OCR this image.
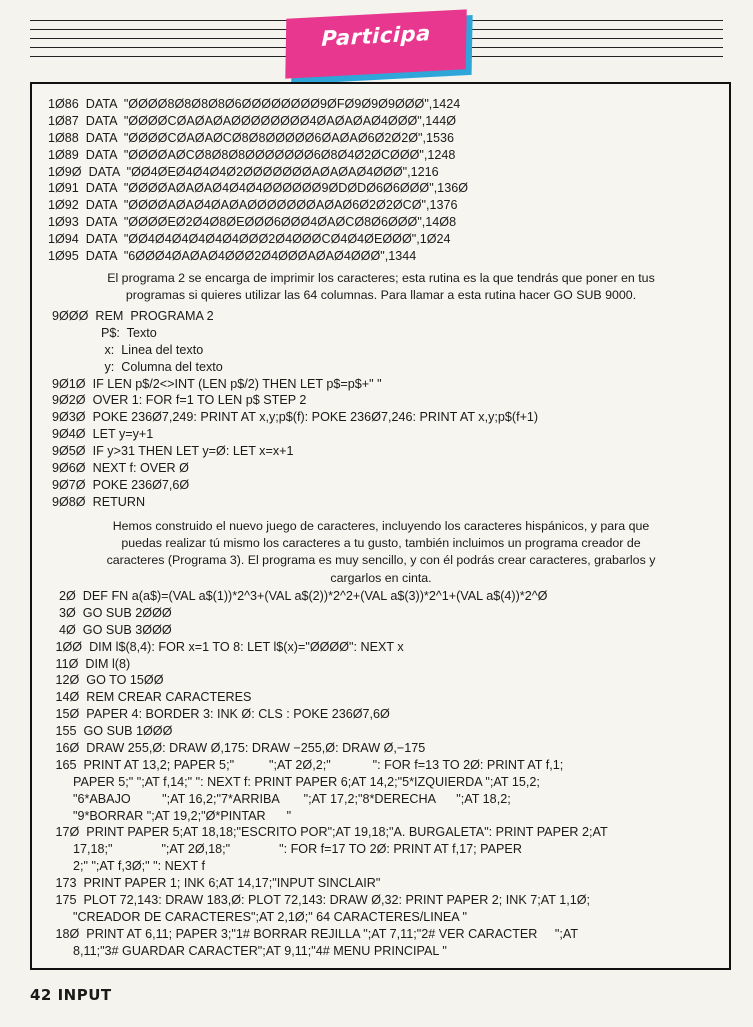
Participa
1Ø86  DATA  "ØØØØ8Ø8Ø8Ø8Ø6ØØØØØØØØ9ØFØ9Ø9Ø9ØØØ",1424
1Ø87  DATA  "ØØØØCØAØAØAØØØØØØØØ4ØAØAØAØ4ØØØ",144Ø
1Ø88  DATA  "ØØØØCØAØAØCØ8Ø8ØØØØØ6ØAØAØ6Ø2Ø2Ø",1536
1Ø89  DATA  "ØØØØAØCØ8Ø8Ø8ØØØØØØØ6Ø8Ø4Ø2ØCØØØ",1248
1Ø9Ø  DATA  "ØØ4ØEØ4Ø4Ø4Ø2ØØØØØØØAØAØAØ4ØØØ",1216
1Ø91  DATA  "ØØØØAØAØAØ4Ø4Ø4ØØØØØØ9ØDØDØ6Ø6ØØØ",136Ø
1Ø92  DATA  "ØØØØAØAØ4ØAØAØØØØØØØAØAØ6Ø2Ø2ØCØ",1376
1Ø93  DATA  "ØØØØEØ2Ø4Ø8ØEØØØ6ØØØ4ØAØCØ8Ø6ØØØ",14Ø8
1Ø94  DATA  "ØØ4Ø4Ø4Ø4Ø4Ø4ØØØ2Ø4ØØØCØ4Ø4ØEØØØ",1Ø24
1Ø95  DATA  "6ØØØ4ØAØAØ4ØØØ2Ø4ØØØAØAØ4ØØØ",1344
El programa 2 se encarga de imprimir los caracteres; esta rutina es la que tendrás que poner en tus
programas si quieres utilizar las 64 columnas. Para llamar a esta rutina hacer GO SUB 9000.
9ØØØ  REM  PROGRAMA 2
P$:  Texto
x:  Linea del texto
y:  Columna del texto
9Ø1Ø  IF LEN p$/2<>INT (LEN p$/2) THEN LET p$=p$+" "
9Ø2Ø  OVER 1: FOR f=1 TO LEN p$ STEP 2
9Ø3Ø  POKE 236Ø7,249: PRINT AT x,y;p$(f): POKE 236Ø7,246: PRINT AT x,y;p$(f+1)
9Ø4Ø  LET y=y+1
9Ø5Ø  IF y>31 THEN LET y=Ø: LET x=x+1
9Ø6Ø  NEXT f: OVER Ø
9Ø7Ø  POKE 236Ø7,6Ø
9Ø8Ø  RETURN
Hemos construido el nuevo juego de caracteres, incluyendo los caracteres hispánicos, y para que
puedas realizar tú mismo los caracteres a tu gusto, también incluimos un programa creador de
caracteres (Programa 3). El programa es muy sencillo, y con él podrás crear caracteres, grabarlos y
cargarlos en cinta.
2Ø  DEF FN a(a$)=(VAL a$(1))*2^3+(VAL a$(2))*2^2+(VAL a$(3))*2^1+(VAL a$(4))*2^Ø
3Ø  GO SUB 2ØØØ
4Ø  GO SUB 3ØØØ
1ØØ  DIM l$(8,4): FOR x=1 TO 8: LET l$(x)="ØØØØ": NEXT x
11Ø  DIM l(8)
12Ø  GO TO 15ØØ
14Ø  REM CREAR CARACTERES
15Ø  PAPER 4: BORDER 3: INK Ø: CLS : POKE 236Ø7,6Ø
155  GO SUB 1ØØØ
16Ø  DRAW 255,Ø: DRAW Ø,175: DRAW −255,Ø: DRAW Ø,−175
165  PRINT AT 13,2; PAPER 5;"          ";AT 2Ø,2;"            ": FOR f=13 TO 2Ø: PRINT AT f,1;
PAPER 5;" ";AT f,14;" ": NEXT f: PRINT PAPER 6;AT 14,2;"5*IZQUIERDA ";AT 15,2;
"6*ABAJO         ";AT 16,2;"7*ARRIBA       ";AT 17,2;"8*DERECHA      ";AT 18,2;
"9*BORRAR ";AT 19,2;"Ø*PINTAR      "
17Ø  PRINT PAPER 5;AT 18,18;"ESCRITO POR";AT 19,18;"A. BURGALETA": PRINT PAPER 2;AT
17,18;"              ";AT 2Ø,18;"              ": FOR f=17 TO 2Ø: PRINT AT f,17; PAPER
2;" ";AT f,3Ø;" ": NEXT f
173  PRINT PAPER 1; INK 6;AT 14,17;"INPUT SINCLAIR"
175  PLOT 72,143: DRAW 183,Ø: PLOT 72,143: DRAW Ø,32: PRINT PAPER 2; INK 7;AT 1,1Ø;
"CREADOR DE CARACTERES";AT 2,1Ø;" 64 CARACTERES/LINEA "
18Ø  PRINT AT 6,11; PAPER 3;"1# BORRAR REJILLA ";AT 7,11;"2# VER CARACTER     ";AT
8,11;"3# GUARDAR CARACTER";AT 9,11;"4# MENU PRINCIPAL "
42 INPUT
